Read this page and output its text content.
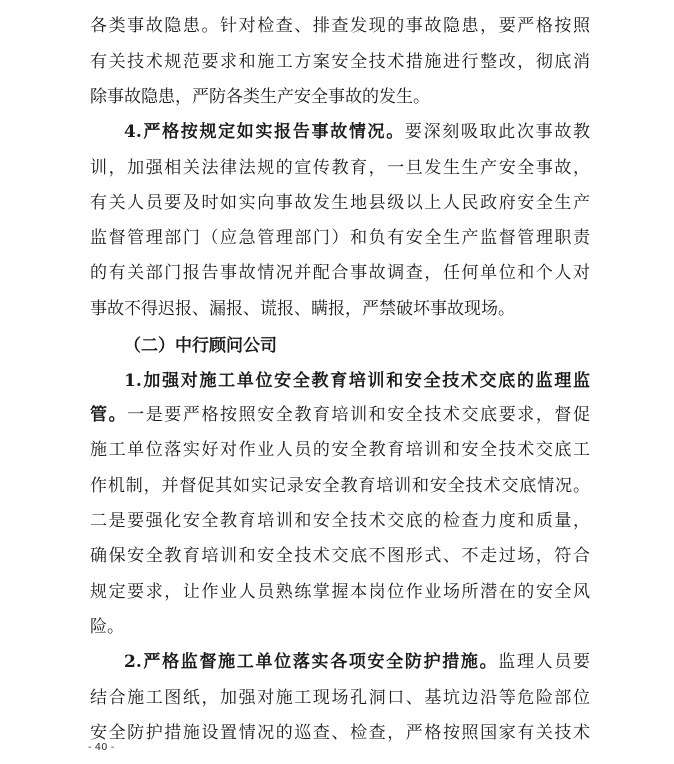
各类事故隐患。针对检查、排查发现的事故隐患，要严格按照
有关技术规范要求和施工方案安全技术措施进行整改，彻底消
除事故隐患，严防各类生产安全事故的发生。
4.严格按规定如实报告事故情况。要深刻吸取此次事故教
训，加强相关法律法规的宣传教育，一旦发生生产安全事故，
有关人员要及时如实向事故发生地县级以上人民政府安全生产
监督管理部门（应急管理部门）和负有安全生产监督管理职责
的有关部门报告事故情况并配合事故调查，任何单位和个人对
事故不得迟报、漏报、谎报、瞒报，严禁破坏事故现场。
（二）中行顾问公司
1.加强对施工单位安全教育培训和安全技术交底的监理监
管。一是要严格按照安全教育培训和安全技术交底要求，督促
施工单位落实好对作业人员的安全教育培训和安全技术交底工
作机制，并督促其如实记录安全教育培训和安全技术交底情况。
二是要强化安全教育培训和安全技术交底的检查力度和质量，
确保安全教育培训和安全技术交底不图形式、不走过场，符合
规定要求，让作业人员熟练掌握本岗位作业场所潜在的安全风
险。
2.严格监督施工单位落实各项安全防护措施。监理人员要
结合施工图纸，加强对施工现场孔洞口、基坑边沿等危险部位
安全防护措施设置情况的巡查、检查，严格按照国家有关技术
- 40 -
